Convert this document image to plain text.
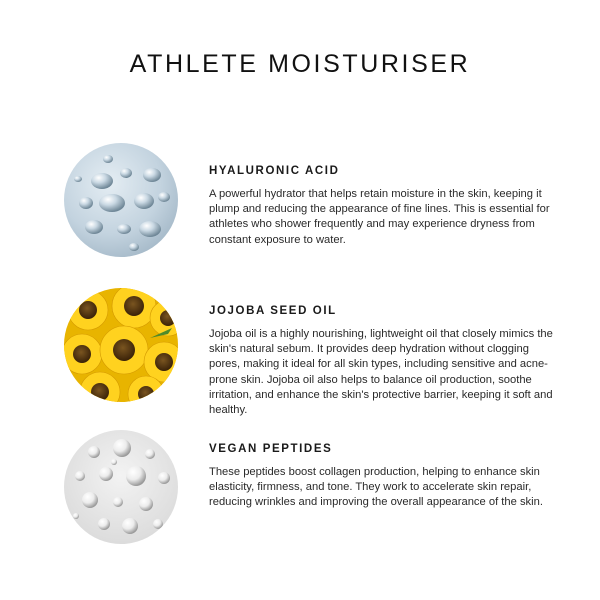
ATHLETE MOISTURISER
HYALURONIC ACID

A powerful hydrator that helps retain moisture in the skin, keeping it plump and reducing the appearance of fine lines. This is essential for athletes who shower frequently and may experience dryness from constant exposure to water.

JOJOBA SEED OIL

Jojoba oil is a highly nourishing, lightweight oil that closely mimics the skin's natural sebum. It provides deep hydration without clogging pores, making it ideal for all skin types, including sensitive and acne-prone skin. Jojoba oil also helps to balance oil production, soothe irritation, and enhance the skin's protective barrier, keeping it soft and healthy.

VEGAN PEPTIDES

These peptides boost collagen production, helping to enhance skin elasticity, firmness, and tone. They work to accelerate skin repair, reducing wrinkles and improving the overall appearance of the skin.
